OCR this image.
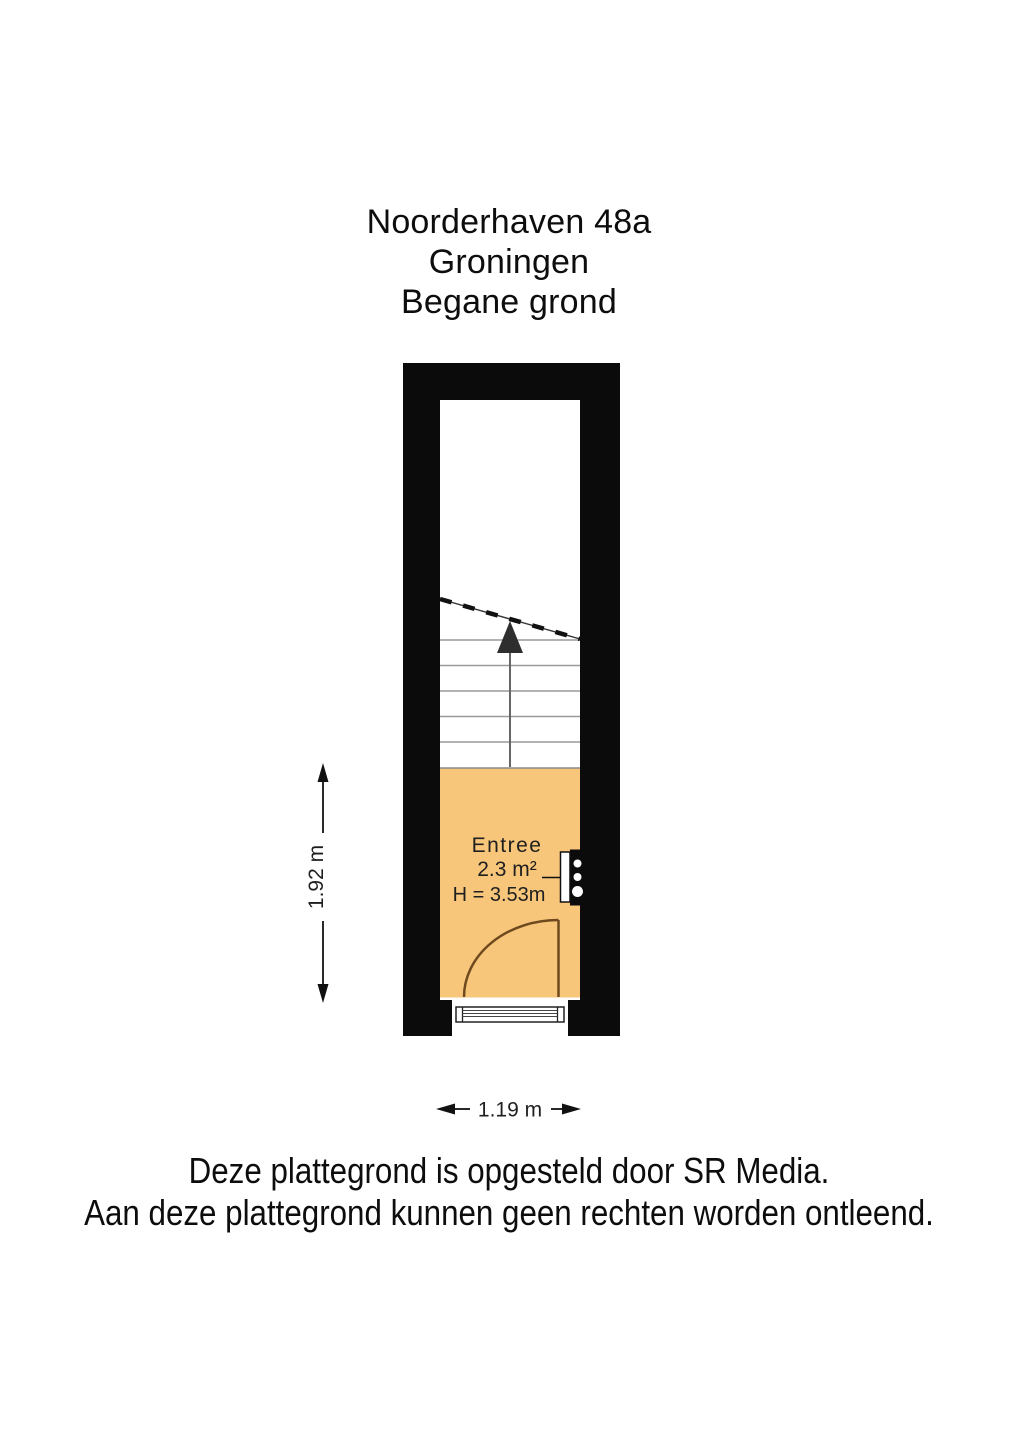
Noorderhaven 48a
Groningen
Begane grond
Entree
2.3 m²
H = 3.53m
1.92 m
1.19 m
Deze plattegrond is opgesteld door SR Media.
Aan deze plattegrond kunnen geen rechten worden ontleend.
